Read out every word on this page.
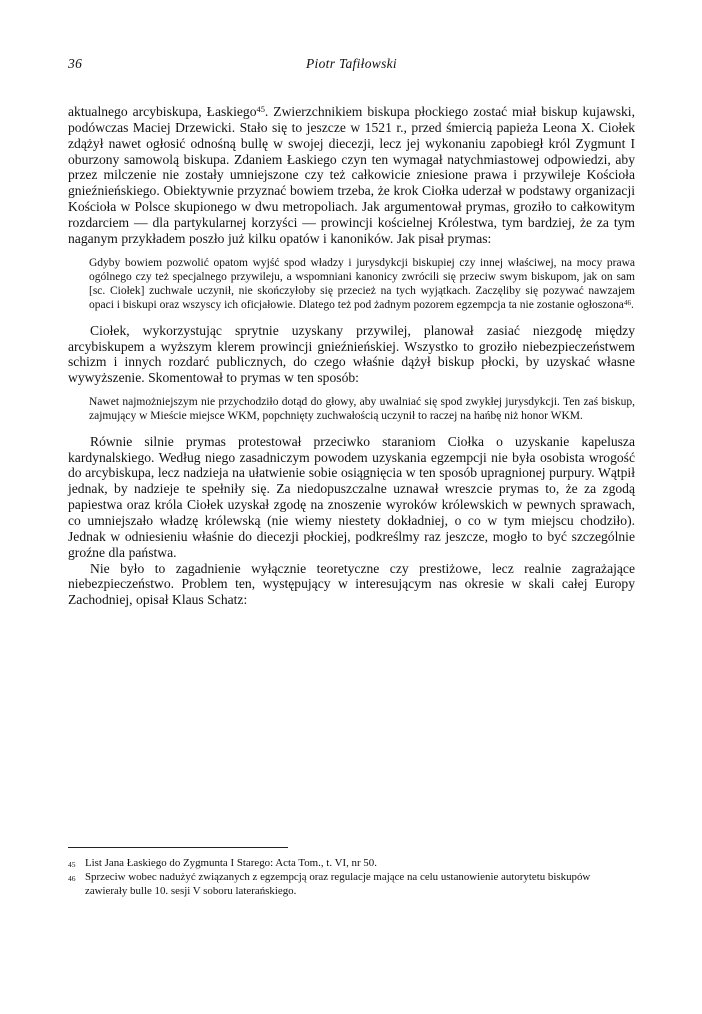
36	Piotr Tafiłowski

aktualnego arcybiskupa, Łaskiego$^{45}$. Zwierzchnikiem biskupa płockiego zostać miał biskup kujawski, podówczas Maciej Drzewicki. Stało się to jeszcze w 1521 r., przed śmiercią papieża Leona X. Ciołek zdążył nawet ogłosić odnośną bullę w swojej diecezji, lecz jej wykonaniu zapobiegł król Zygmunt I oburzony samowolą biskupa. Zdaniem Łaskiego czyn ten wymagał natychmiastowej odpowiedzi, aby przez milczenie nie zostały umniejszone czy też całkowicie zniesione prawa i przywileje Kościoła gnieźnieńskiego. Obiektywnie przyznać bowiem trzeba, że krok Ciołka uderzał w podstawy organizacji Kościoła w Polsce skupionego w dwu metropoliach. Jak argumentował prymas, groziło to całkowitym rozdarciem — dla partykularnej korzyści — prowincji kościelnej Królestwa, tym bardziej, że za tym naganym przykładem poszło już kilku opatów i kanoników. Jak pisał prymas:

Gdyby bowiem pozwolić opatom wyjść spod władzy i jurysdykcji biskupiej czy innej właściwej, na mocy prawa ogólnego czy też specjalnego przywileju, a wspomniani kanonicy zwrócili się przeciw swym biskupom, jak on sam [sc. Ciołek] zuchwale uczynił, nie skończyłoby się przecież na tych wyjątkach. Zaczęliby się pozywać nawzajem opaci i biskupi oraz wszyscy ich oficjałowie. Dlatego też pod żadnym pozorem egzempcja ta nie zostanie ogłoszona$^{46}$.

Ciołek, wykorzystując sprytnie uzyskany przywilej, planował zasiać niezgodę między arcybiskupem a wyższym klerem prowincji gnieźnieńskiej. Wszystko to groziło niebezpieczeństwem schizm i innych rozdarć publicznych, do czego właśnie dążył biskup płocki, by uzyskać własne wywyższenie. Skomentował to prymas w ten sposób:

Nawet najmożniejszym nie przychodziło dotąd do głowy, aby uwalniać się spod zwykłej jurysdykcji. Ten zaś biskup, zajmujący w Mieście miejsce WKM, popchnięty zuchwałością uczynił to raczej na hańbę niż honor WKM.

Równie silnie prymas protestował przeciwko staraniom Ciołka o uzyskanie kapelusza kardynalskiego. Według niego zasadniczym powodem uzyskania egzempcji nie była osobista wrogość do arcybiskupa, lecz nadzieja na ułatwienie sobie osiągnięcia w ten sposób upragnionej purpury. Wątpił jednak, by nadzieje te spełniły się. Za niedopuszczalne uznawał wreszcie prymas to, że za zgodą papiestwa oraz króla Ciołek uzyskał zgodę na znoszenie wyroków królewskich w pewnych sprawach, co umniejszało władzę królewską (nie wiemy niestety dokładniej, o co w tym miejscu chodziło). Jednak w odniesieniu właśnie do diecezji płockiej, podkreślmy raz jeszcze, mogło to być szczególnie groźne dla państwa.

Nie było to zagadnienie wyłącznie teoretyczne czy prestiżowe, lecz realnie zagrażające niebezpieczeństwo. Problem ten, występujący w interesującym nas okresie w skali całej Europy Zachodniej, opisał Klaus Schatz:

45 List Jana Łaskiego do Zygmunta I Starego: Acta Tom., t. VI, nr 50.
46 Sprzeciw wobec nadużyć związanych z egzempcją oraz regulacje mające na celu ustanowienie autorytetu biskupów zawierały bulle 10. sesji V soboru laterańskiego.
